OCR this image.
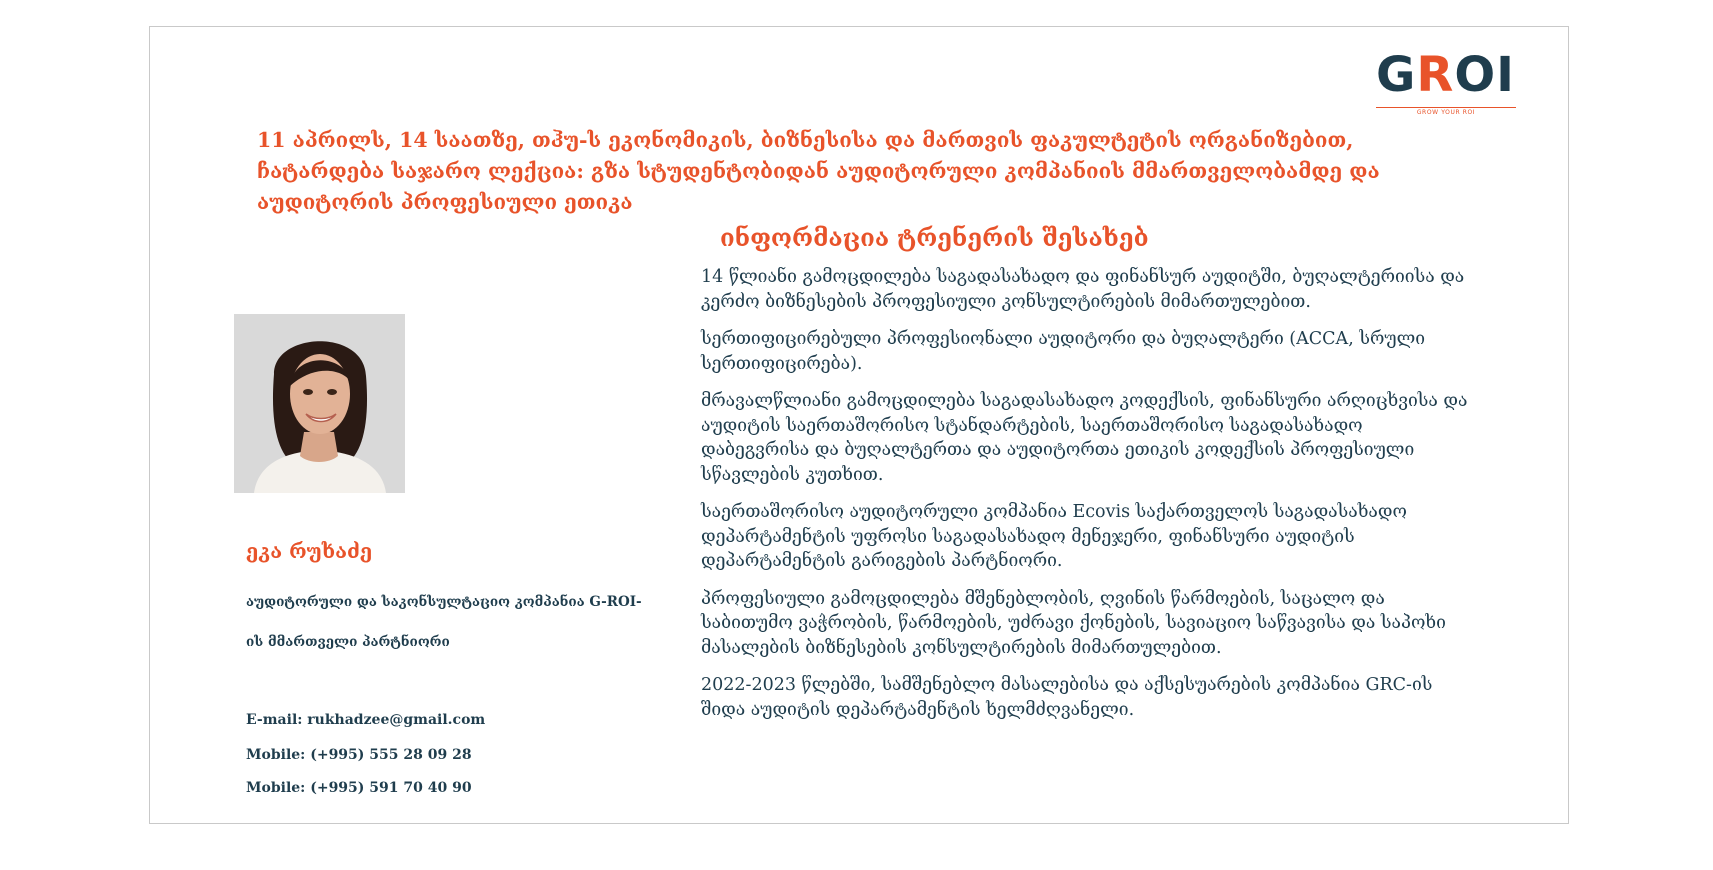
GROI
GROW YOUR ROI

11 აპრილს, 14 საათზე, თჰუ-ს ეკონომიკის, ბიზნესისა და მართვის ფაკულტეტის ორგანიზებით, ჩატარდება საჯარო ლექცია: გზა სტუდენტობიდან აუდიტორული კომპანიის მმართველობამდე და აუდიტორის პროფესიული ეთიკა

ინფორმაცია ტრენერის შესახებ

ეკა რუხაძე

აუდიტორული და საკონსულტაციო კომპანია G-ROI-

ის მმართველი პარტნიორი

E-mail: rukhadzee@gmail.com

Mobile: (+995) 555 28 09 28

Mobile: (+995) 591 70 40 90

14 წლიანი გამოცდილება საგადასახადო და ფინანსურ აუდიტში, ბუღალტერიისა და კერძო ბიზნესების პროფესიული კონსულტირების მიმართულებით.

სერთიფიცირებული პროფესიონალი აუდიტორი და ბუღალტერი (ACCA, სრული სერთიფიცირება).

მრავალწლიანი გამოცდილება საგადასახადო კოდექსის, ფინანსური არღიცხვისა და აუდიტის საერთაშორისო სტანდარტების, საერთაშორისო საგადასახადო დაბეგვრისა და ბუღალტერთა და აუდიტორთა ეთიკის კოდექსის პროფესიული სწავლების კუთხით.

საერთაშორისო აუდიტორული კომპანია Ecovis საქართველოს საგადასახადო დეპარტამენტის უფროსი საგადასახადო მენეჯერი, ფინანსური აუდიტის დეპარტამენტის გარიგების პარტნიორი.

პროფესიული გამოცდილება მშენებლობის, ღვინის წარმოების, საცალო და საბითუმო ვაჭრობის, წარმოების, უძრავი ქონების, სავიაციო საწვავისა და საპოხი მასალების ბიზნესების კონსულტირების მიმართულებით.

2022-2023 წლებში, სამშენებლო მასალებისა და აქსესუარების კომპანია GRC-ის შიდა აუდიტის დეპარტამენტის ხელმძღვანელი.
